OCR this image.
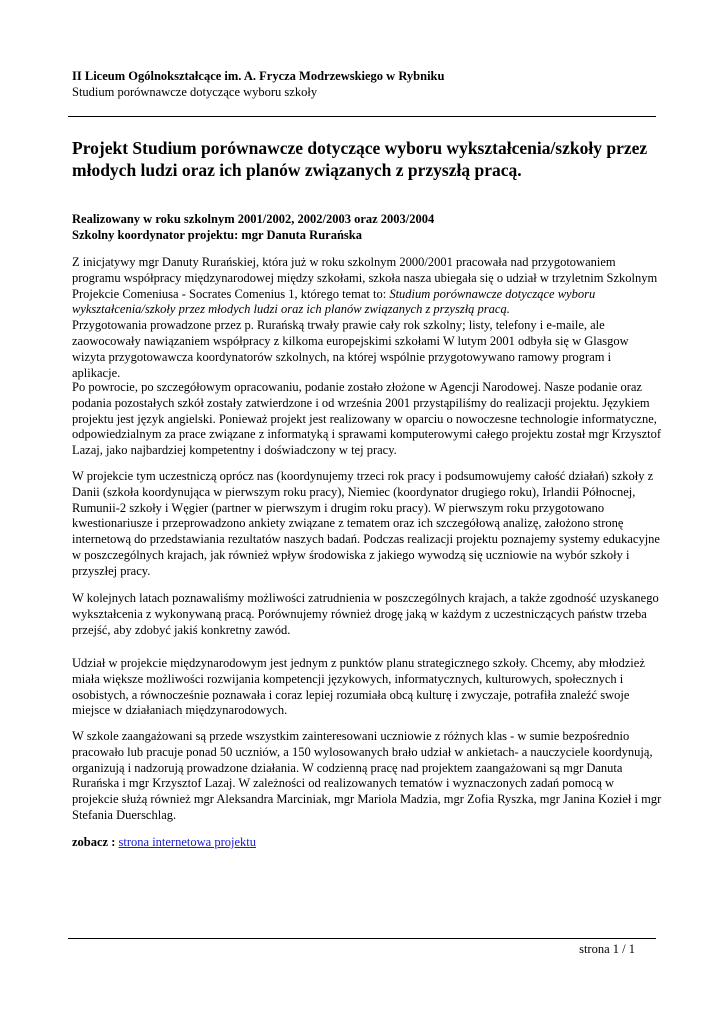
II Liceum Ogólnokształcące im. A. Frycza Modrzewskiego w Rybniku
Studium porównawcze dotyczące wyboru szkoły
Projekt Studium porównawcze dotyczące wyboru wykształcenia/szkoły przez młodych ludzi oraz ich planów związanych z przyszłą pracą.
Realizowany w roku szkolnym 2001/2002, 2002/2003 oraz 2003/2004
Szkolny koordynator projektu: mgr Danuta Rurańska

Z inicjatywy mgr Danuty Rurańskiej, która już w roku szkolnym 2000/2001 pracowała nad przygotowaniem programu współpracy międzynarodowej między szkołami, szkoła nasza ubiegała się o udział w trzyletnim Szkolnym Projekcie Comeniusa - Socrates Comenius 1, którego temat to: Studium porównawcze dotyczące wyboru wykształcenia/szkoły przez młodych ludzi oraz ich planów związanych z przyszłą pracą.

Przygotowania prowadzone przez p. Rurańską trwały prawie cały rok szkolny; listy, telefony i e-maile, ale zaowocowały nawiązaniem współpracy z kilkoma europejskimi szkołami W lutym 2001 odbyła się w Glasgow wizyta przygotowawcza koordynatorów szkolnych, na której wspólnie przygotowywano ramowy program i aplikacje.

Po powrocie, po szczegółowym opracowaniu, podanie zostało złożone w Agencji Narodowej. Nasze podanie oraz podania pozostałych szkół zostały zatwierdzone i od września 2001 przystąpiliśmy do realizacji projektu. Językiem projektu jest język angielski. Ponieważ projekt jest realizowany w oparciu o nowoczesne technologie informatyczne, odpowiedzialnym za prace związane z informatyką i sprawami komputerowymi całego projektu został mgr Krzysztof Lazaj, jako najbardziej kompetentny i doświadczony w tej pracy.
W projekcie tym uczestniczą oprócz nas (koordynujemy trzeci rok pracy i podsumowujemy całość działań) szkoły z Danii (szkoła koordynująca w pierwszym roku pracy), Niemiec (koordynator drugiego roku), Irlandii Północnej, Rumunii-2 szkoły i Węgier (partner w pierwszym i drugim roku pracy). W pierwszym roku przygotowano kwestionariusze i przeprowadzono ankiety związane z tematem oraz ich szczegółową analizę, założono stronę internetową do przedstawiania rezultatów naszych badań. Podczas realizacji projektu poznajemy systemy edukacyjne w poszczególnych krajach, jak również wpływ środowiska z jakiego wywodzą się uczniowie na wybór szkoły i przyszłej pracy.
W kolejnych latach poznawaliśmy możliwości zatrudnienia w poszczególnych krajach, a także zgodność uzyskanego wykształcenia z wykonywaną pracą. Porównujemy również drogę jaką w każdym z uczestniczących państw trzeba przejść, aby zdobyć jakiś konkretny zawód.
Udział w projekcie międzynarodowym jest jednym z punktów planu strategicznego szkoły. Chcemy, aby młodzież miała większe możliwości rozwijania kompetencji językowych, informatycznych, kulturowych, społecznych i osobistych, a równocześnie poznawała i coraz lepiej rozumiała obcą kulturę i zwyczaje, potrafiła znaleźć swoje miejsce w działaniach międzynarodowych.
W szkole zaangażowani są przede wszystkim zainteresowani uczniowie z różnych klas - w sumie bezpośrednio pracowało lub pracuje ponad 50 uczniów, a 150 wylosowanych brało udział w ankietach- a nauczyciele koordynują, organizują i nadzorują prowadzone działania. W codzienną pracę nad projektem zaangażowani są mgr Danuta Rurańska i mgr Krzysztof Lazaj. W zależności od realizowanych tematów i wyznaczonych zadań pomocą w projekcie służą również mgr Aleksandra Marciniak, mgr Mariola Madzia, mgr Zofia Ryszka, mgr Janina Kozieł i mgr Stefania Duerschlag.
zobacz : strona internetowa projektu
strona 1 / 1
